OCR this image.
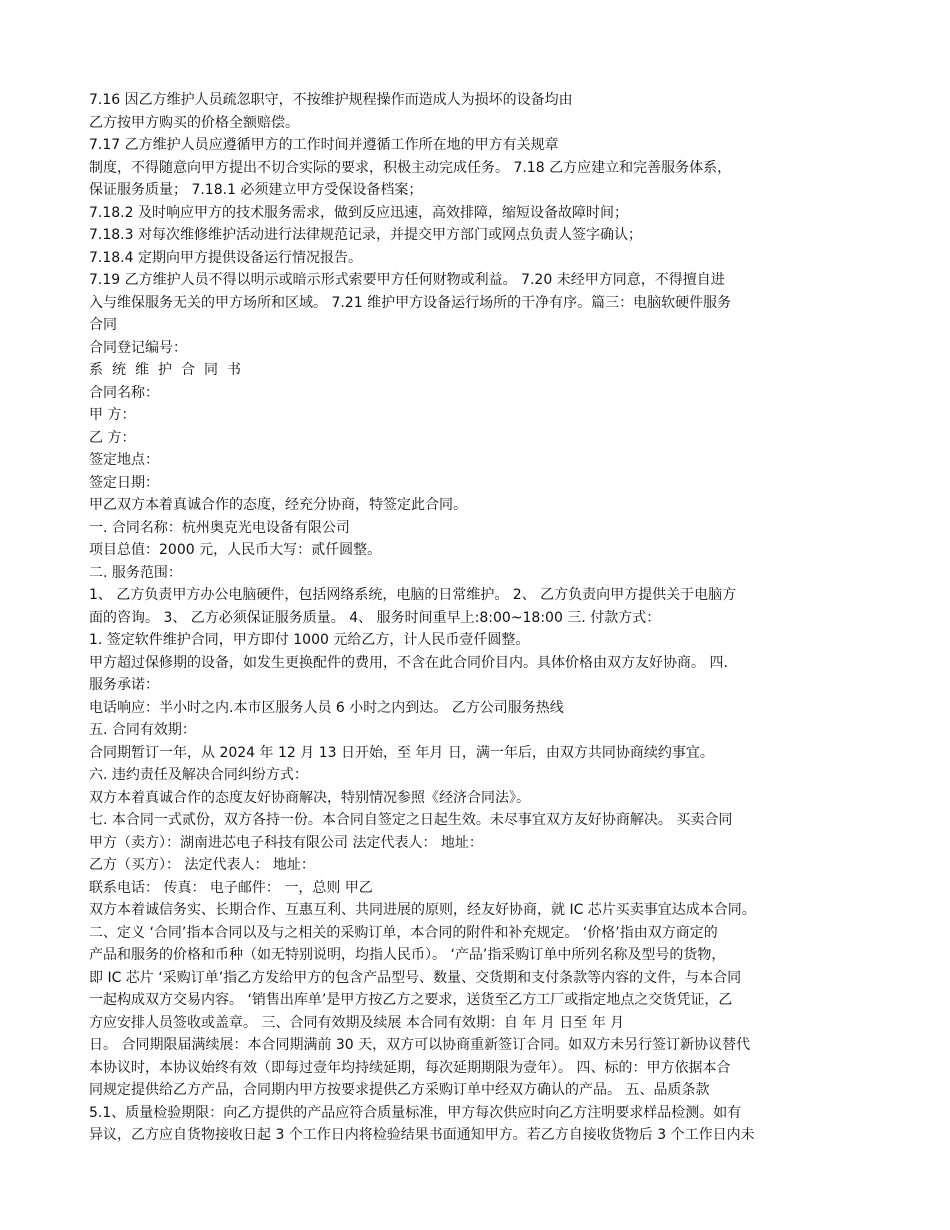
7.16 因乙方维护人员疏忽职守，不按维护规程操作而造成人为损坏的设备均由
乙方按甲方购买的价格全额赔偿。
7.17 乙方维护人员应遵循甲方的工作时间并遵循工作所在地的甲方有关规章
制度，不得随意向甲方提出不切合实际的要求，积极主动完成任务。 7.18 乙方应建立和完善服务体系，
保证服务质量； 7.18.1 必须建立甲方受保设备档案；
7.18.2 及时响应甲方的技术服务需求，做到反应迅速，高效排障，缩短设备故障时间；
7.18.3 对每次维修维护活动进行法律规范记录，并提交甲方部门或网点负责人签字确认；
7.18.4 定期向甲方提供设备运行情况报告。
7.19 乙方维护人员不得以明示或暗示形式索要甲方任何财物或利益。 7.20 未经甲方同意，不得擅自进
入与维保服务无关的甲方场所和区域。 7.21 维护甲方设备运行场所的干净有序。篇三：电脑软硬件服务
合同
合同登记编号：
系统维护合同书
合同名称：
甲 方：
乙 方：
签定地点：
签定日期：
甲乙双方本着真诚合作的态度，经充分协商，特签定此合同。
一. 合同名称：杭州奥克光电设备有限公司
项目总值：2000 元，人民币大写：贰仟圆整。
二. 服务范围：
1、 乙方负责甲方办公电脑硬件，包括网络系统，电脑的日常维护。 2、 乙方负责向甲方提供关于电脑方
面的咨询。 3、 乙方必须保证服务质量。 4、 服务时间重早上:8:00~18:00 三. 付款方式：
1. 签定软件维护合同，甲方即付 1000 元给乙方，计人民币壹仟圆整。
甲方超过保修期的设备，如发生更换配件的费用，不含在此合同价目内。具体价格由双方友好协商。 四.
服务承诺：
电话响应：半小时之内.本市区服务人员 6 小时之内到达。 乙方公司服务热线
五. 合同有效期：
合同期暂订一年，从 2024 年 12 月 13 日开始，至 年月 日，满一年后，由双方共同协商续约事宜。
六. 违约责任及解决合同纠纷方式：
双方本着真诚合作的态度友好协商解决，特别情况参照《经济合同法》。
七. 本合同一式贰份，双方各持一份。本合同自签定之日起生效。未尽事宜双方友好协商解决。 买卖合同
甲方（卖方）：湖南进芯电子科技有限公司 法定代表人： 地址：
乙方（买方）： 法定代表人： 地址：
联系电话： 传真： 电子邮件： 一，总则 甲乙
双方本着诚信务实、长期合作、互惠互利、共同进展的原则，经友好协商，就 IC 芯片买卖事宜达成本合同。
二、定义 ‘合同’指本合同以及与之相关的采购订单，本合同的附件和补充规定。 ‘价格’指由双方商定的
产品和服务的价格和币种（如无特别说明，均指人民币）。 ‘产品’指采购订单中所列名称及型号的货物，
即 IC 芯片 ‘采购订单’指乙方发给甲方的包含产品型号、数量、交货期和支付条款等内容的文件，与本合同
一起构成双方交易内容。 ‘销售出库单’是甲方按乙方之要求，送货至乙方工厂或指定地点之交货凭证，乙
方应安排人员签收或盖章。 三、合同有效期及续展 本合同有效期：自 年 月 日至 年 月
日。 合同期限届满续展：本合同期满前 30 天，双方可以协商重新签订合同。如双方未另行签订新协议替代
本协议时，本协议始终有效（即每过壹年均持续延期，每次延期期限为壹年）。 四、标的：甲方依据本合
同规定提供给乙方产品，合同期内甲方按要求提供乙方采购订单中经双方确认的产品。 五、品质条款
5.1、质量检验期限：向乙方提供的产品应符合质量标准，甲方每次供应时向乙方注明要求样品检测。如有
异议，乙方应自货物接收日起 3 个工作日内将检验结果书面通知甲方。若乙方自接收货物后 3 个工作日内未
